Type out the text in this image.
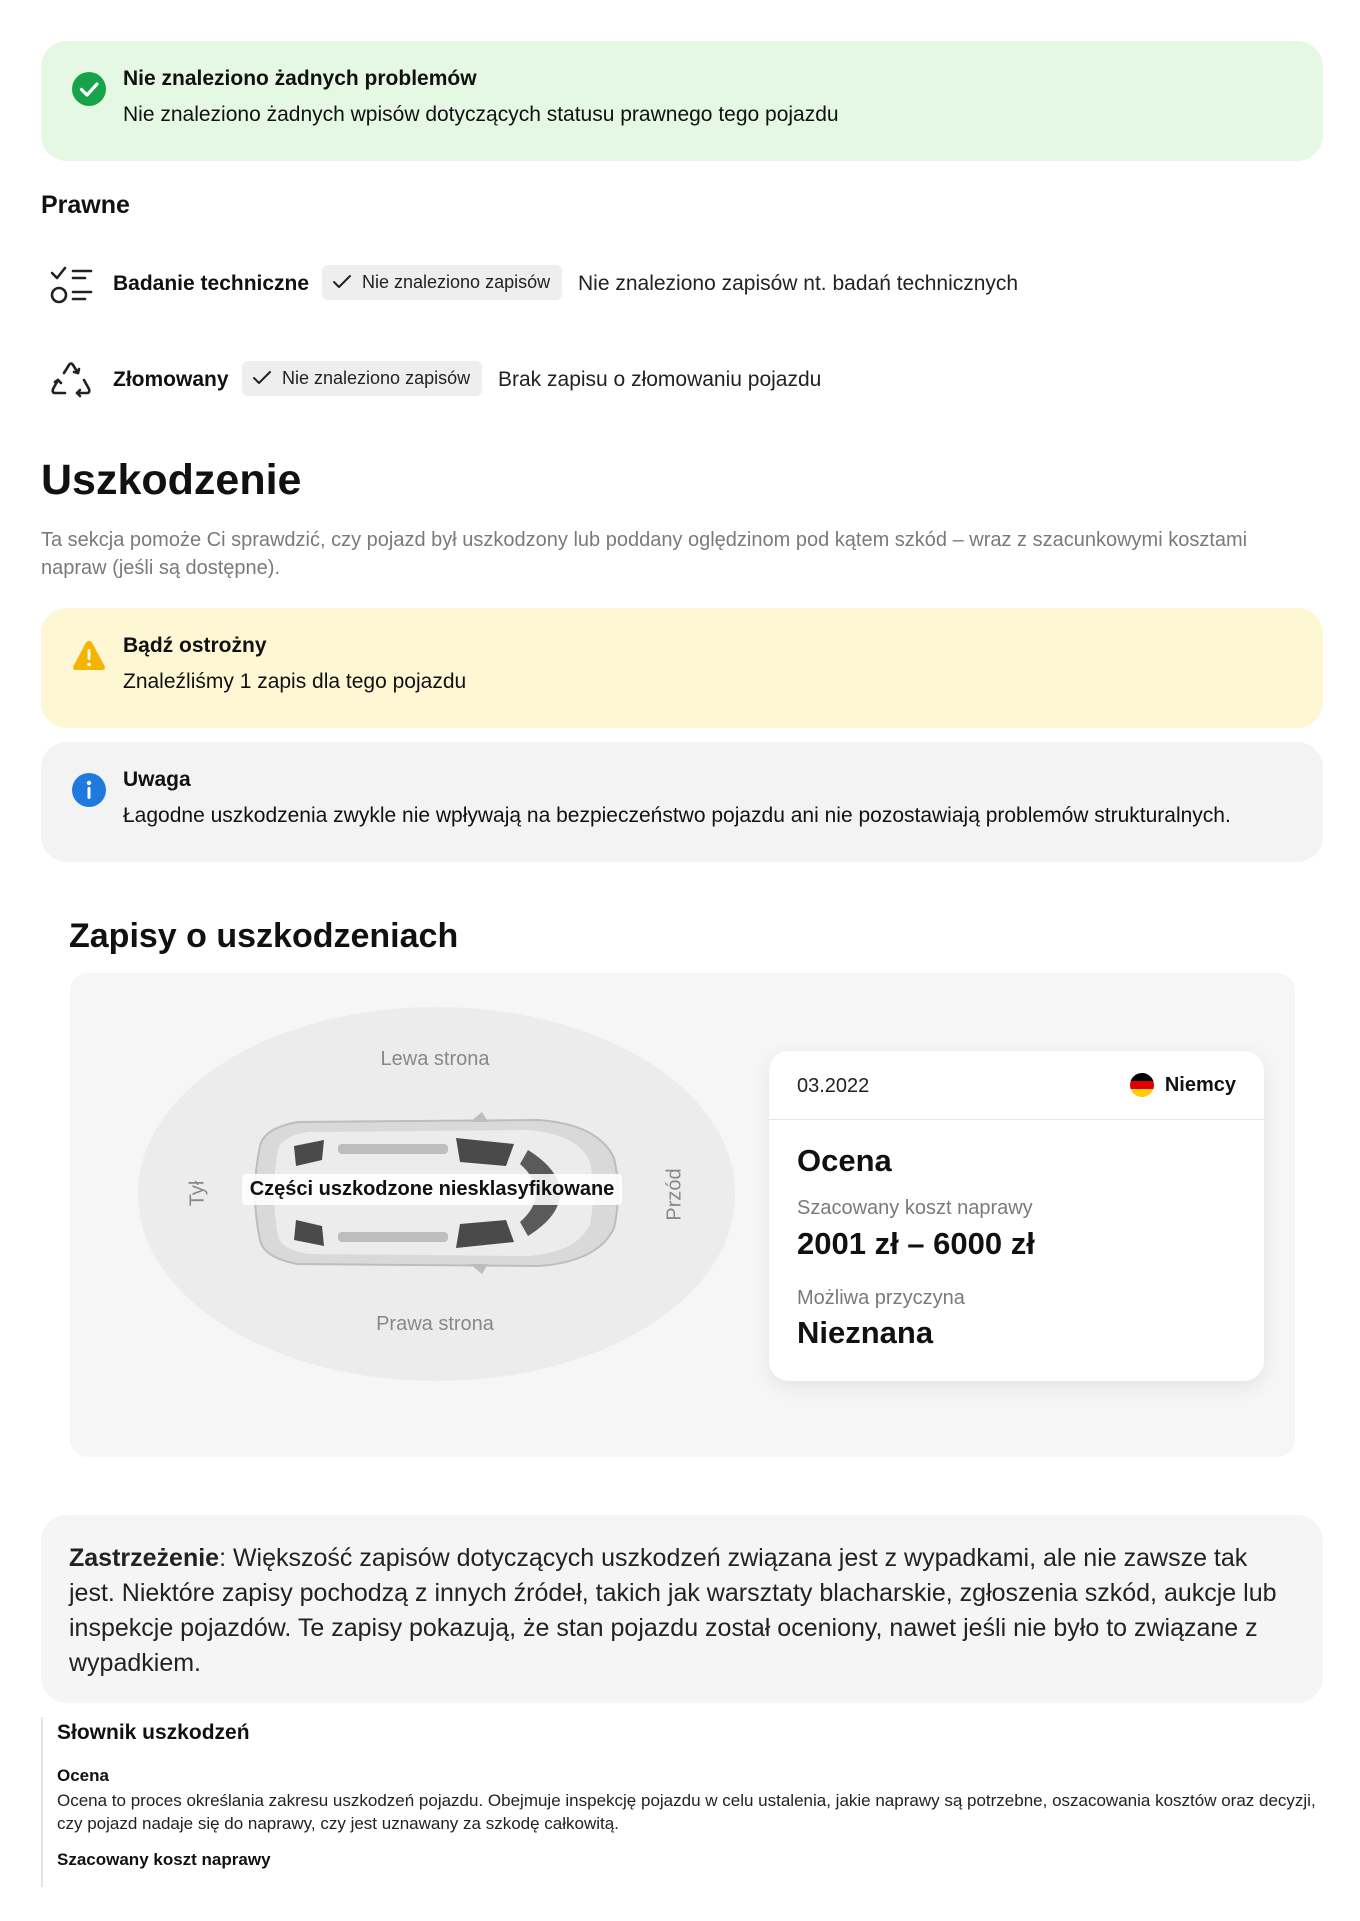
Nie znaleziono żadnych problemów
Nie znaleziono żadnych wpisów dotyczących statusu prawnego tego pojazdu
Prawne
Badanie techniczne	Nie znaleziono zapisów	Nie znaleziono zapisów nt. badań technicznych
Złomowany	Nie znaleziono zapisów	Brak zapisu o złomowaniu pojazdu
Uszkodzenie
Ta sekcja pomoże Ci sprawdzić, czy pojazd był uszkodzony lub poddany oględzinom pod kątem szkód – wraz z szacunkowymi kosztami napraw (jeśli są dostępne).
Bądź ostrożny
Znaleźliśmy 1 zapis dla tego pojazdu
Uwaga
Łagodne uszkodzenia zwykle nie wpływają na bezpieczeństwo pojazdu ani nie pozostawiają problemów strukturalnych.
Zapisy o uszkodzeniach
Lewa strona
Prawa strona
Tył	Przód
Części uszkodzone niesklasyfikowane
03.2022	Niemcy
Ocena
Szacowany koszt naprawy
2001 zł – 6000 zł
Możliwa przyczyna
Nieznana
Zastrzeżenie: Większość zapisów dotyczących uszkodzeń związana jest z wypadkami, ale nie zawsze tak jest. Niektóre zapisy pochodzą z innych źródeł, takich jak warsztaty blacharskie, zgłoszenia szkód, aukcje lub inspekcje pojazdów. Te zapisy pokazują, że stan pojazdu został oceniony, nawet jeśli nie było to związane z wypadkiem.
Słownik uszkodzeń
Ocena
Ocena to proces określania zakresu uszkodzeń pojazdu. Obejmuje inspekcję pojazdu w celu ustalenia, jakie naprawy są potrzebne, oszacowania kosztów oraz decyzji, czy pojazd nadaje się do naprawy, czy jest uznawany za szkodę całkowitą.
Szacowany koszt naprawy
